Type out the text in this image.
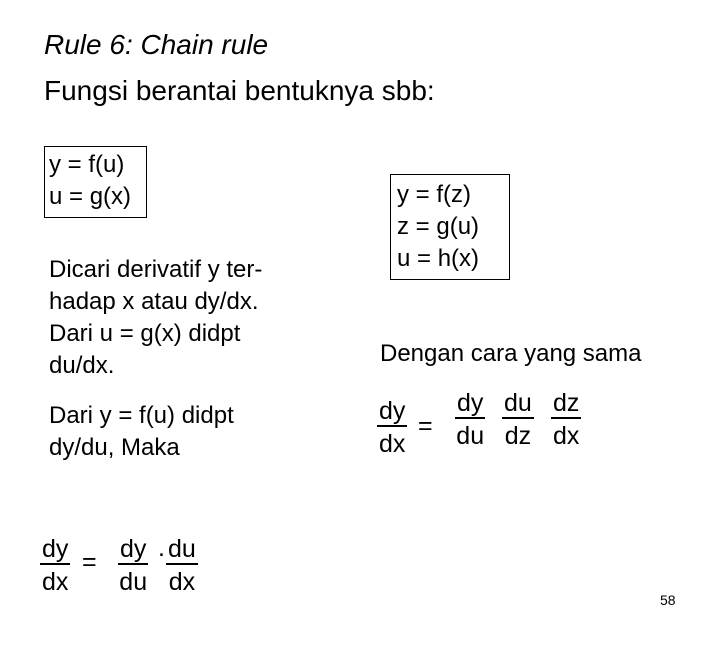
Rule 6: Chain rule
Fungsi berantai bentuknya sbb:
y = f(u)
u = g(x)	y = f(z)
z = g(u)
u = h(x)
Dicari derivatif y ter-
hadap x atau dy/dx.
Dari u = g(x) didpt
du/dx.
Dari y = f(u) didpt
dy/du, Maka
Dengan cara yang sama
$\frac{dy}{dx} = \frac{dy}{du}$ . $\frac{du}{dx}$
$\frac{dy}{dx} = \frac{dy}{du} \frac{du}{dz} \frac{dz}{dx}$
58
